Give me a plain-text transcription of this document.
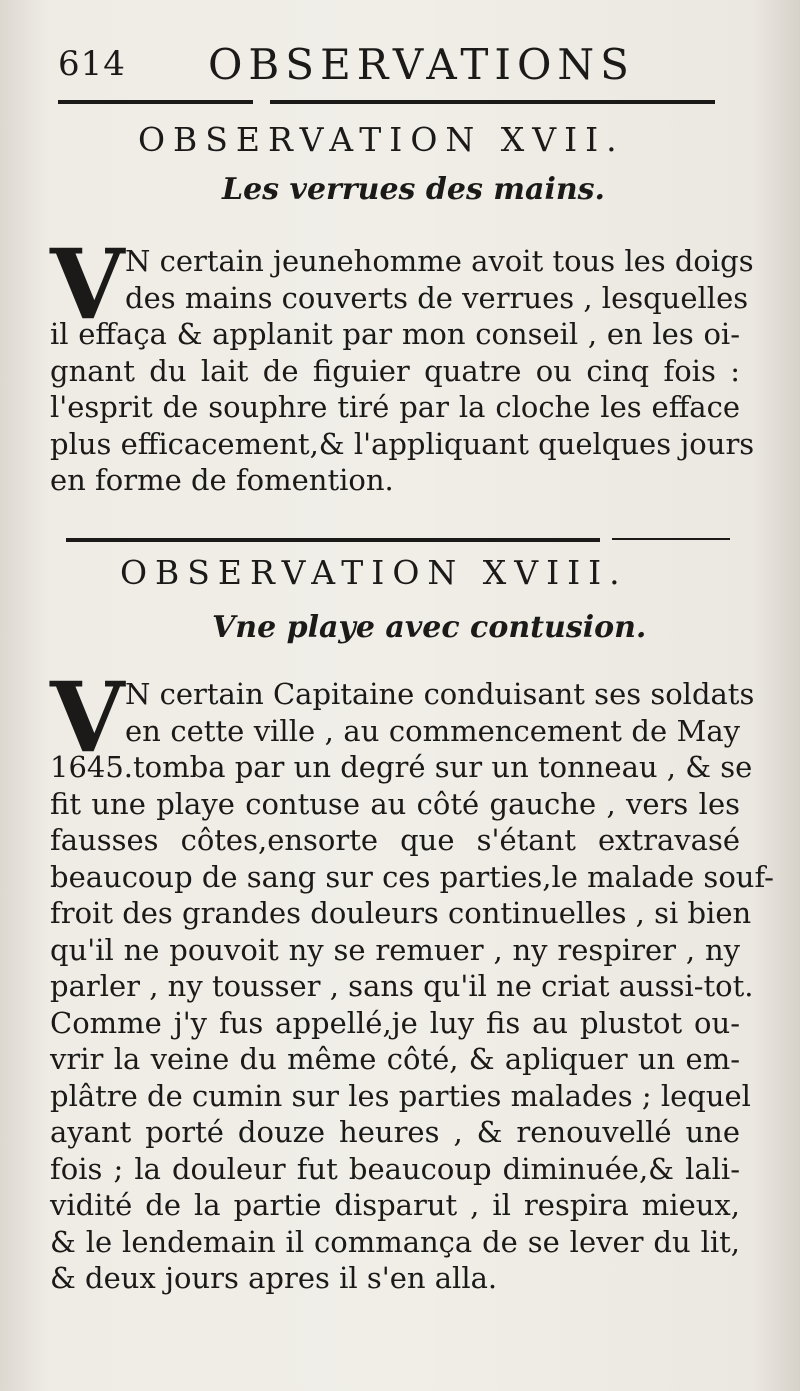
614 OBSERVATIONS
OBSERVATION XVII.
Les verrues des mains.
V N certain jeunehomme avoit tous les doigs
des mains couverts de verrues , lesquelles
il effaça & applanit par mon conseil , en les oi-
gnant du lait de figuier quatre ou cinq fois :
l'esprit de souphre tiré par la cloche les efface
plus efficacement,& l'appliquant quelques jours
en forme de fomention.
OBSERVATION XVIII.
Vne playe avec contusion.
V N certain Capitaine conduisant ses soldats
en cette ville , au commencement de May
1645.tomba par un degré sur un tonneau , & se
fit une playe contuse au côté gauche , vers les
fausses côtes,ensorte que s'étant extravasé
beaucoup de sang sur ces parties,le malade souf-
froit des grandes douleurs continuelles , si bien
qu'il ne pouvoit ny se remuer , ny respirer , ny
parler , ny tousser , sans qu'il ne criat aussi-tot.
Comme j'y fus appellé,je luy fis au plustot ou-
vrir la veine du même côté, & apliquer un em-
plâtre de cumin sur les parties malades ; lequel
ayant porté douze heures , & renouvellé une
fois ; la douleur fut beaucoup diminuée,& lali-
vidité de la partie disparut , il respira mieux,
& le lendemain il commança de se lever du lit,
& deux jours apres il s'en alla.
